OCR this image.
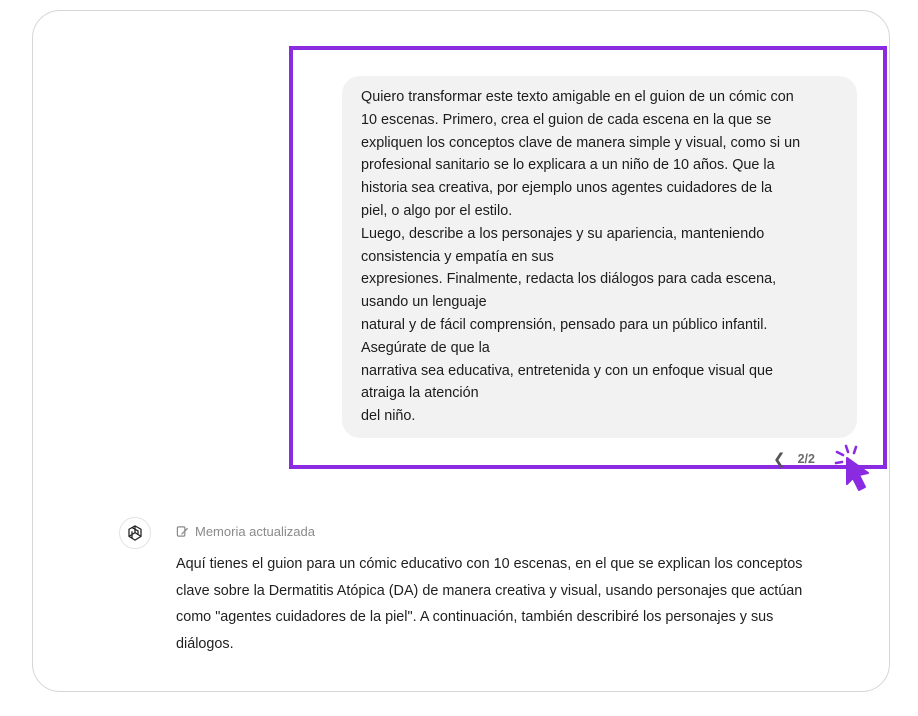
Quiero transformar este texto amigable en el guion de un cómic con
10 escenas. Primero, crea el guion de cada escena en la que se
expliquen los conceptos clave de manera simple y visual, como si un
profesional sanitario se lo explicara a un niño de 10 años. Que la
historia sea creativa, por ejemplo unos agentes cuidadores de la
piel, o algo por el estilo.
Luego, describe a los personajes y su apariencia, manteniendo
consistencia y empatía en sus
expresiones. Finalmente, redacta los diálogos para cada escena,
usando un lenguaje
natural y de fácil comprensión, pensado para un público infantil.
Asegúrate de que la
narrativa sea educativa, entretenida y con un enfoque visual que
atraiga la atención
del niño.
❮ 2/2
Memoria actualizada
Aquí tienes el guion para un cómic educativo con 10 escenas, en el que se explican los conceptos
clave sobre la Dermatitis Atópica (DA) de manera creativa y visual, usando personajes que actúan
como "agentes cuidadores de la piel". A continuación, también describiré los personajes y sus
diálogos.
